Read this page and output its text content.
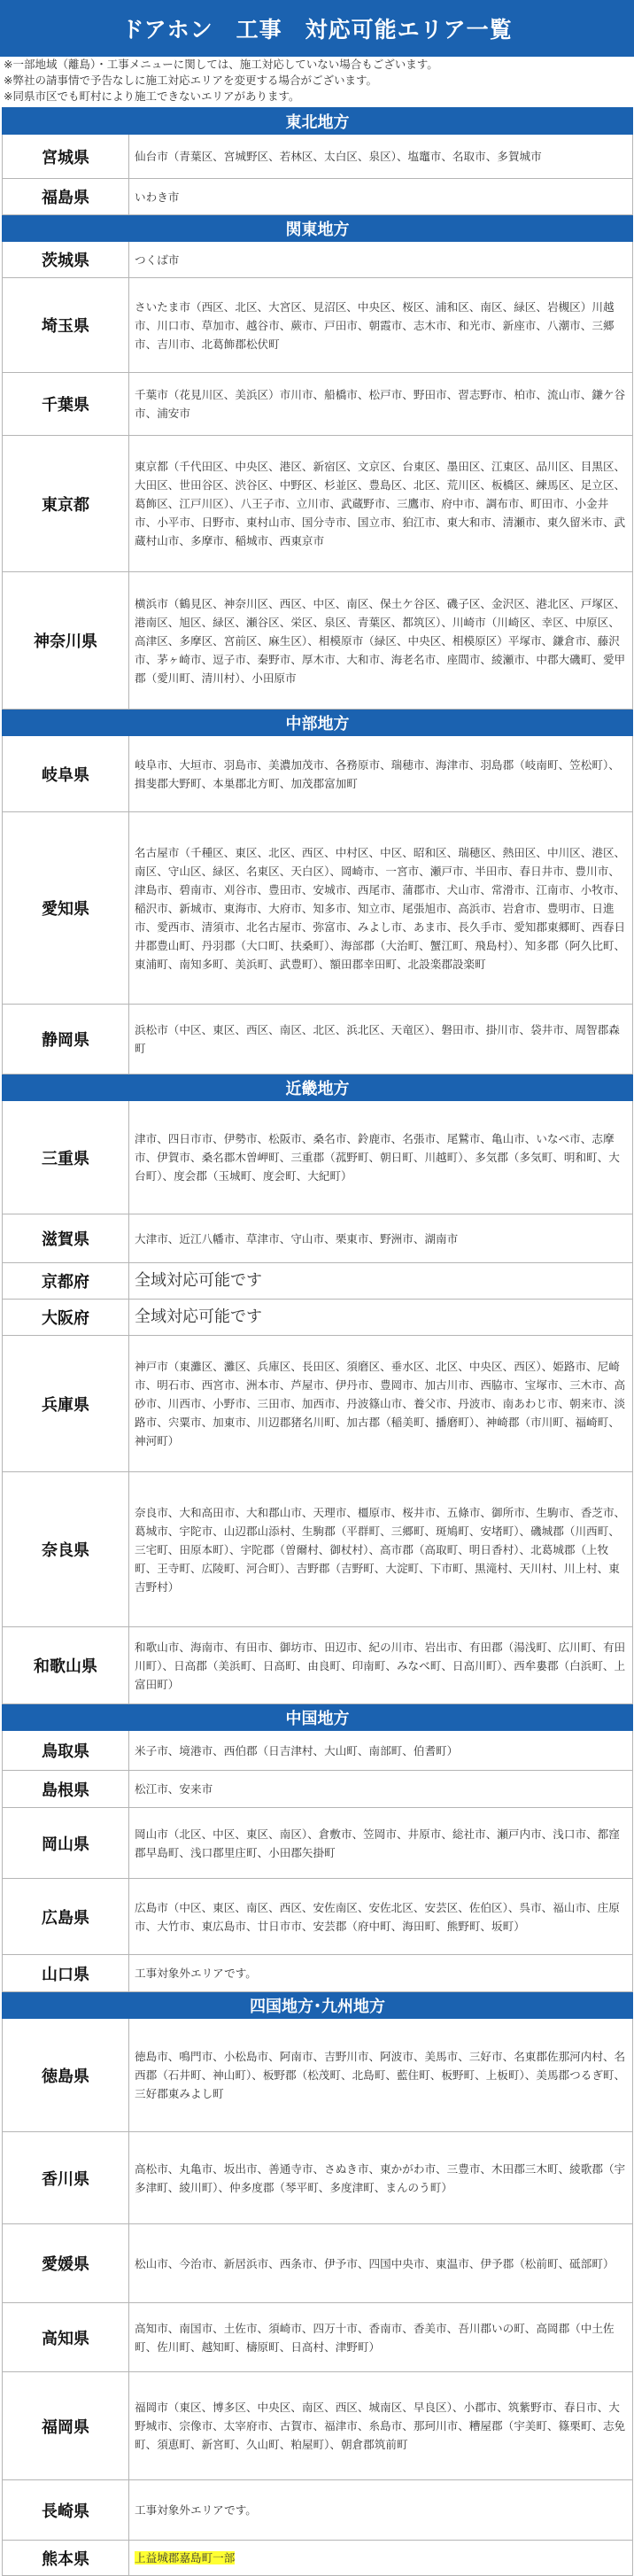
ドアホン　工事　対応可能エリア一覧
※一部地域（離島）・工事メニューに関しては、施工対応していない場合もございます。
※弊社の請事情で予告なしに施工対応エリアを変更する場合がございます。
※同県市区でも町村により施工できないエリアがあります。
東北地方	
宮城県	仙台市（青葉区、宮城野区、若林区、太白区、泉区）、塩竈市、名取市、多賀城市
福島県	いわき市
関東地方	
茨城県	つくば市
埼玉県	さいたま市（西区、北区、大宮区、見沼区、中央区、桜区、浦和区、南区、緑区、岩槻区）川越市、川口市、草加市、越谷市、蕨市、戸田市、朝霞市、志木市、和光市、新座市、八潮市、三郷市、吉川市、北葛飾郡松伏町
千葉県	千葉市（花見川区、美浜区）市川市、船橋市、松戸市、野田市、習志野市、柏市、流山市、鎌ケ谷市、浦安市
東京都	東京都（千代田区、中央区、港区、新宿区、文京区、台東区、墨田区、江東区、品川区、目黒区、大田区、世田谷区、渋谷区、中野区、杉並区、豊島区、北区、荒川区、板橋区、練馬区、足立区、葛飾区、江戸川区）、八王子市、立川市、武蔵野市、三鷹市、府中市、調布市、町田市、小金井市、小平市、日野市、東村山市、国分寺市、国立市、狛江市、東大和市、清瀬市、東久留米市、武蔵村山市、多摩市、稲城市、西東京市
神奈川県	横浜市（鶴見区、神奈川区、西区、中区、南区、保土ケ谷区、磯子区、金沢区、港北区、戸塚区、港南区、旭区、緑区、瀬谷区、栄区、泉区、青葉区、都筑区）、川崎市（川崎区、幸区、中原区、高津区、多摩区、宮前区、麻生区）、相模原市（緑区、中央区、相模原区）平塚市、鎌倉市、藤沢市、茅ヶ崎市、逗子市、秦野市、厚木市、大和市、海老名市、座間市、綾瀬市、中郡大磯町、愛甲郡（愛川町、清川村）、小田原市
中部地方	
岐阜県	岐阜市、大垣市、羽島市、美濃加茂市、各務原市、瑞穂市、海津市、羽島郡（岐南町、笠松町）、揖斐郡大野町、本巣郡北方町、加茂郡富加町
愛知県	名古屋市（千種区、東区、北区、西区、中村区、中区、昭和区、瑞穂区、熱田区、中川区、港区、南区、守山区、緑区、名東区、天白区）、岡崎市、一宮市、瀬戸市、半田市、春日井市、豊川市、津島市、碧南市、刈谷市、豊田市、安城市、西尾市、蒲郡市、犬山市、常滑市、江南市、小牧市、稲沢市、新城市、東海市、大府市、知多市、知立市、尾張旭市、高浜市、岩倉市、豊明市、日進市、愛西市、清須市、北名古屋市、弥富市、みよし市、あま市、長久手市、愛知郡東郷町、西春日井郡豊山町、丹羽郡（大口町、扶桑町）、海部郡（大治町、蟹江町、飛島村）、知多郡（阿久比町、東浦町、南知多町、美浜町、武豊町）、額田郡幸田町、北設楽郡設楽町
静岡県	浜松市（中区、東区、西区、南区、北区、浜北区、天竜区）、磐田市、掛川市、袋井市、周智郡森町
近畿地方	
三重県	津市、四日市市、伊勢市、松阪市、桑名市、鈴鹿市、名張市、尾鷲市、亀山市、いなべ市、志摩市、伊賀市、桑名郡木曽岬町、三重郡（菰野町、朝日町、川越町）、多気郡（多気町、明和町、大台町）、度会郡（玉城町、度会町、大紀町）
滋賀県	大津市、近江八幡市、草津市、守山市、栗東市、野洲市、湖南市
京都府	全域対応可能です
大阪府	全域対応可能です
兵庫県	神戸市（東灘区、灘区、兵庫区、長田区、須磨区、垂水区、北区、中央区、西区）、姫路市、尼崎市、明石市、西宮市、洲本市、芦屋市、伊丹市、豊岡市、加古川市、西脇市、宝塚市、三木市、高砂市、川西市、小野市、三田市、加西市、丹波篠山市、養父市、丹波市、南あわじ市、朝来市、淡路市、宍粟市、加東市、川辺郡猪名川町、加古郡（稲美町、播磨町）、神崎郡（市川町、福崎町、神河町）
奈良県	奈良市、大和高田市、大和郡山市、天理市、橿原市、桜井市、五條市、御所市、生駒市、香芝市、葛城市、宇陀市、山辺郡山添村、生駒郡（平群町、三郷町、斑鳩町、安堵町）、磯城郡（川西町、三宅町、田原本町）、宇陀郡（曽爾村、御杖村）、高市郡（高取町、明日香村）、北葛城郡（上牧町、王寺町、広陵町、河合町）、吉野郡（吉野町、大淀町、下市町、黒滝村、天川村、川上村、東吉野村）
和歌山県	和歌山市、海南市、有田市、御坊市、田辺市、紀の川市、岩出市、有田郡（湯浅町、広川町、有田川町）、日高郡（美浜町、日高町、由良町、印南町、みなべ町、日高川町）、西牟婁郡（白浜町、上富田町）
中国地方	
鳥取県	米子市、境港市、西伯郡（日吉津村、大山町、南部町、伯耆町）
島根県	松江市、安来市
岡山県	岡山市（北区、中区、東区、南区）、倉敷市、笠岡市、井原市、総社市、瀬戸内市、浅口市、都窪郡早島町、浅口郡里庄町、小田郡矢掛町
広島県	広島市（中区、東区、南区、西区、安佐南区、安佐北区、安芸区、佐伯区）、呉市、福山市、庄原市、大竹市、東広島市、廿日市市、安芸郡（府中町、海田町、熊野町、坂町）
山口県	工事対象外エリアです。
四国地方･九州地方	
徳島県	徳島市、鳴門市、小松島市、阿南市、吉野川市、阿波市、美馬市、三好市、名東郡佐那河内村、名西郡（石井町、神山町）、板野郡（松茂町、北島町、藍住町、板野町、上板町）、美馬郡つるぎ町、三好郡東みよし町
香川県	高松市、丸亀市、坂出市、善通寺市、さぬき市、東かがわ市、三豊市、木田郡三木町、綾歌郡（宇多津町、綾川町）、仲多度郡（琴平町、多度津町、まんのう町）
愛媛県	松山市、今治市、新居浜市、西条市、伊予市、四国中央市、東温市、伊予郡（松前町、砥部町）
高知県	高知市、南国市、土佐市、須崎市、四万十市、香南市、香美市、吾川郡いの町、高岡郡（中土佐町、佐川町、越知町、檮原町、日高村、津野町）
福岡県	福岡市（東区、博多区、中央区、南区、西区、城南区、早良区）、小郡市、筑紫野市、春日市、大野城市、宗像市、太宰府市、古賀市、福津市、糸島市、那珂川市、糟屋郡（宇美町、篠栗町、志免町、須恵町、新宮町、久山町、粕屋町）、朝倉郡筑前町
長崎県	工事対象外エリアです。
熊本県	上益城郡嘉島町一部
